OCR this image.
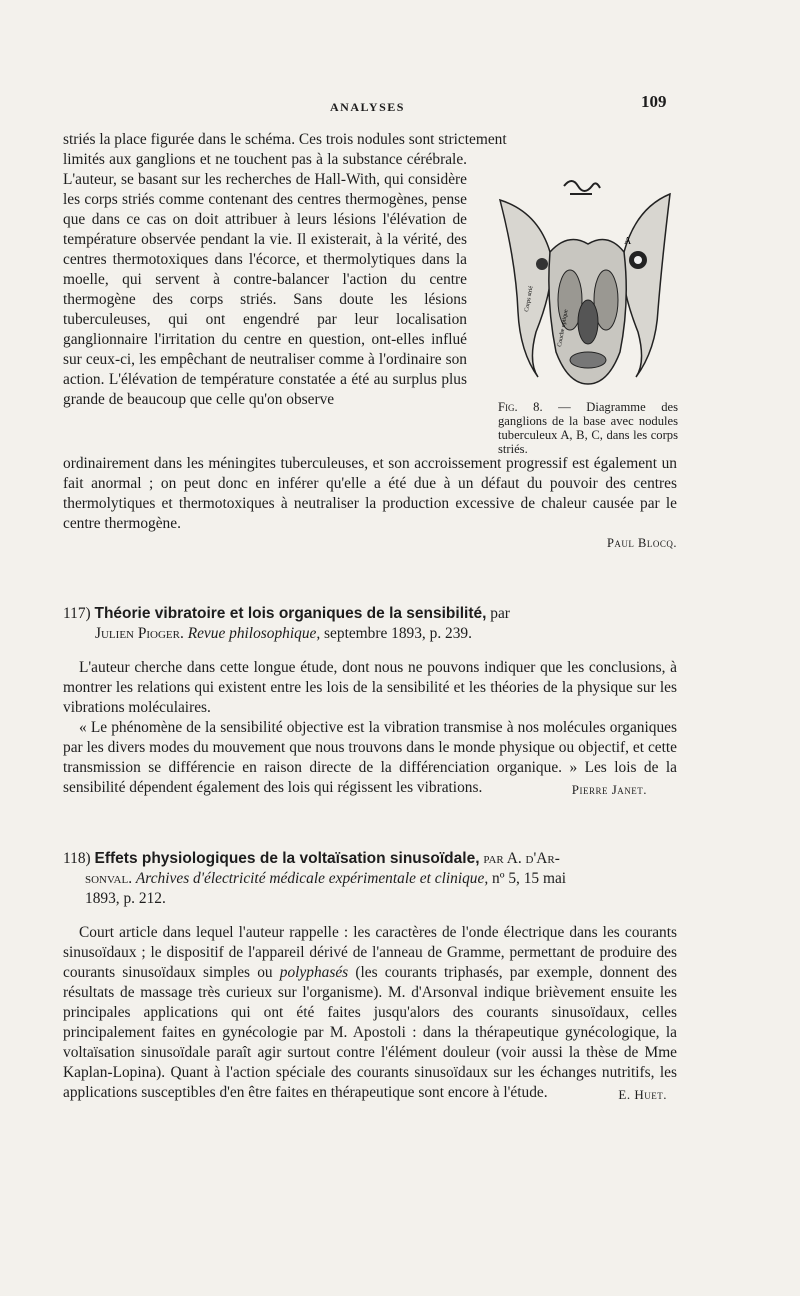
ANALYSES	109

striés la place figurée dans le schéma. Ces trois nodules sont strictement

limités aux ganglions et ne touchent pas à la substance cérébrale. L'auteur, se basant sur les recherches de Hall-With, qui considère les corps striés comme contenant des centres thermogènes, pense que dans ce cas on doit attribuer à leurs lésions l'élévation de température observée pendant la vie. Il existerait, à la vérité, des centres thermotoxiques dans l'écorce, et thermolytiques dans la moelle, qui servent à contre-balancer l'action du centre thermogène des corps striés. Sans doute les lésions tuberculeuses, qui ont engendré par leur localisation ganglionnaire l'irritation du centre en question, ont-elles influé sur ceux-ci, les empêchant de neutraliser comme à l'ordinaire son action. L'élévation de température constatée a été au surplus plus grande de beaucoup que celle qu'on observe

ordinairement dans les méningites tuberculeuses, et son accroissement progressif est également un fait anormal ; on peut donc en inférer qu'elle a été due à un défaut du pouvoir des centres thermolytiques et thermotoxiques à neutraliser la production excessive de chaleur causée par le centre thermogène.

Paul Blocq.
A
Corps strié
Couche optique
Fig. 8. — Diagramme des ganglions de la base avec nodules tuberculeux A, B, C, dans les corps striés.

117) Théorie vibratoire et lois organiques de la sensibilité, par

Julien Pioger. Revue philosophique, septembre 1893, p. 239.

L'auteur cherche dans cette longue étude, dont nous ne pouvons indiquer que les conclusions, à montrer les relations qui existent entre les lois de la sensibilité et les théories de la physique sur les vibrations moléculaires.

« Le phénomène de la sensibilité objective est la vibration transmise à nos molécules organiques par les divers modes du mouvement que nous trouvons dans le monde physique ou objectif, et cette transmission se différencie en raison directe de la différenciation organique. » Les lois de la sensibilité dépendent également des lois qui régissent les vibrations.	Pierre Janet.

118) Effets physiologiques de la voltaïsation sinusoïdale, par A. d'Ar-

sonval. Archives d'électricité médicale expérimentale et clinique, nº 5, 15 mai

1893, p. 212.

Court article dans lequel l'auteur rappelle : les caractères de l'onde électrique dans les courants sinusoïdaux ; le dispositif de l'appareil dérivé de l'anneau de Gramme, permettant de produire des courants sinusoïdaux simples ou polyphasés (les courants triphasés, par exemple, donnent des résultats de massage très curieux sur l'organisme). M. d'Arsonval indique brièvement ensuite les principales applications qui ont été faites jusqu'alors des courants sinusoïdaux, celles principalement faites en gynécologie par M. Apostoli : dans la thérapeutique gynécologique, la voltaïsation sinusoïdale paraît agir surtout contre l'élément douleur (voir aussi la thèse de Mme Kaplan-Lopina). Quant à l'action spéciale des courants sinusoïdaux sur les échanges nutritifs, les applications susceptibles d'en être faites en thérapeutique sont encore à l'étude.	E. Huet.
